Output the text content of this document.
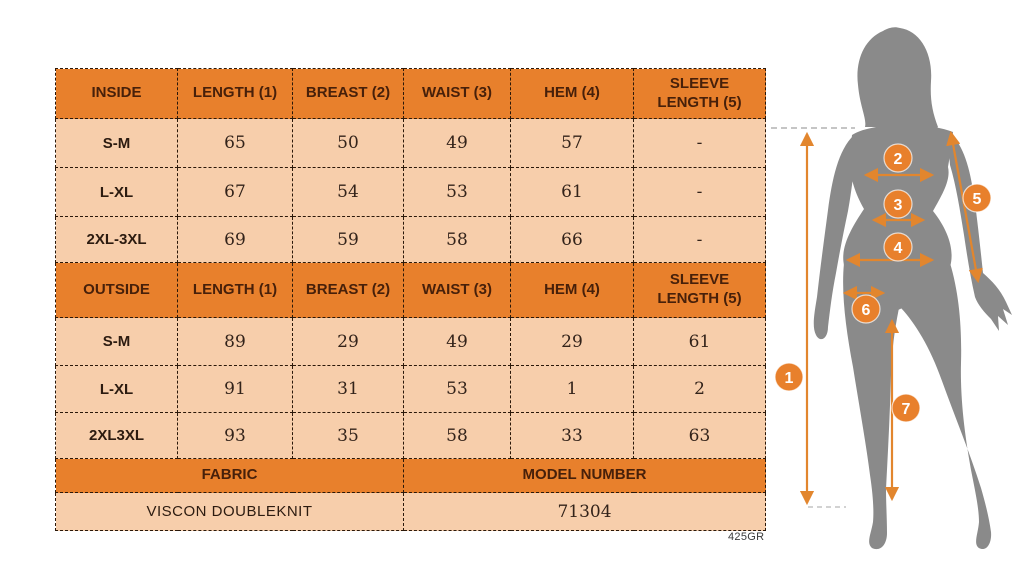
INSIDE	LENGTH (1)	BREAST (2)	WAIST (3)	HEM (4)	SLEEVE LENGTH (5)
S-M	65	50	49	57	-
L-XL	67	54	53	61	-
2XL-3XL	69	59	58	66	-
OUTSIDE	LENGTH (1)	BREAST (2)	WAIST (3)	HEM (4)	SLEEVE LENGTH (5)
S-M	89	29	49	29	61
L-XL	91	31	53	1	2
2XL3XL	93	35	58	33	63
FABRIC			MODEL NUMBER		
VISCON DOUBLEKNIT			71304		
425GR
1
2
3
4
5
6
7
